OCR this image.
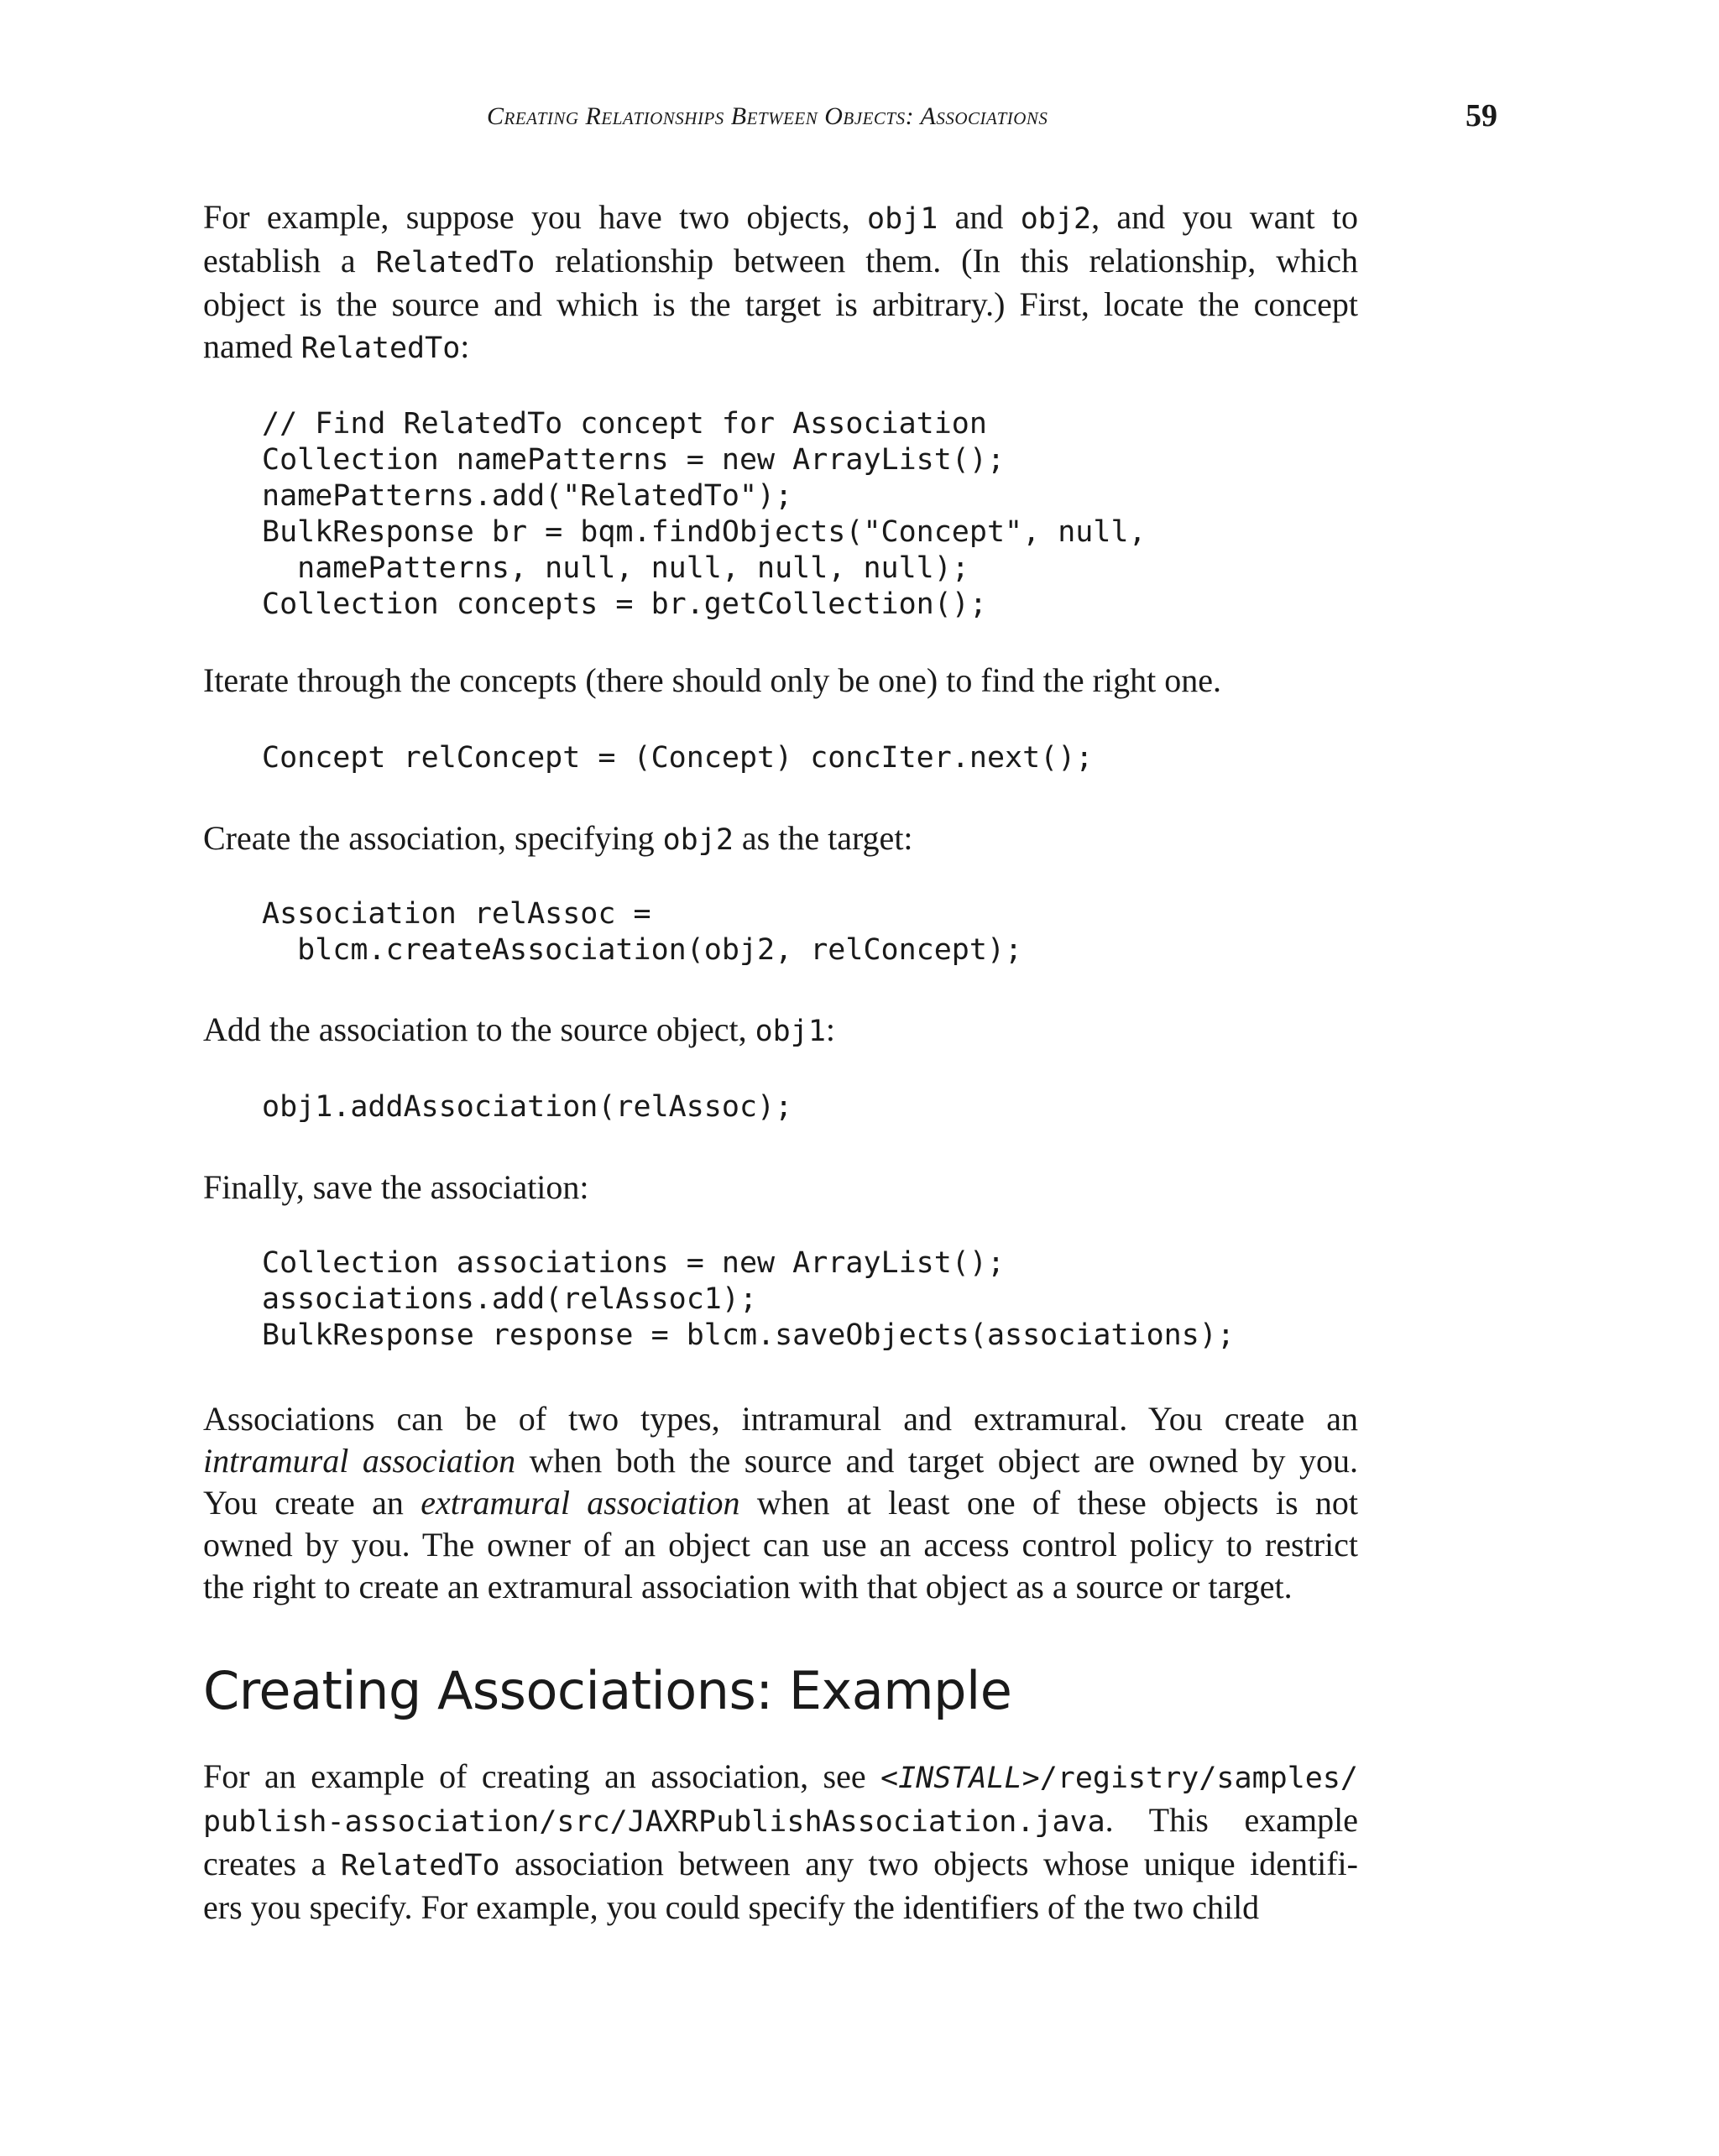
Creating Relationships Between Objects: Associations	59
For example, suppose you have two objects, obj1 and obj2, and you want to
establish a RelatedTo relationship between them. (In this relationship, which
object is the source and which is the target is arbitrary.) First, locate the concept
named RelatedTo:
// Find RelatedTo concept for Association
Collection namePatterns = new ArrayList();
namePatterns.add("RelatedTo");
BulkResponse br = bqm.findObjects("Concept", null,
namePatterns, null, null, null, null);
Collection concepts = br.getCollection();
Iterate through the concepts (there should only be one) to find the right one.
Concept relConcept = (Concept) concIter.next();
Create the association, specifying obj2 as the target:
Association relAssoc =
blcm.createAssociation(obj2, relConcept);
Add the association to the source object, obj1:
obj1.addAssociation(relAssoc);
Finally, save the association:
Collection associations = new ArrayList();
associations.add(relAssoc1);
BulkResponse response = blcm.saveObjects(associations);
Associations can be of two types, intramural and extramural. You create an
intramural association when both the source and target object are owned by you.
You create an extramural association when at least one of these objects is not
owned by you. The owner of an object can use an access control policy to restrict
the right to create an extramural association with that object as a source or target.
Creating Associations: Example
For an example of creating an association, see <INSTALL>/registry/samples/
publish-association/src/JAXRPublishAssociation.java. This example
creates a RelatedTo association between any two objects whose unique identifi-
ers you specify. For example, you could specify the identifiers of the two child
